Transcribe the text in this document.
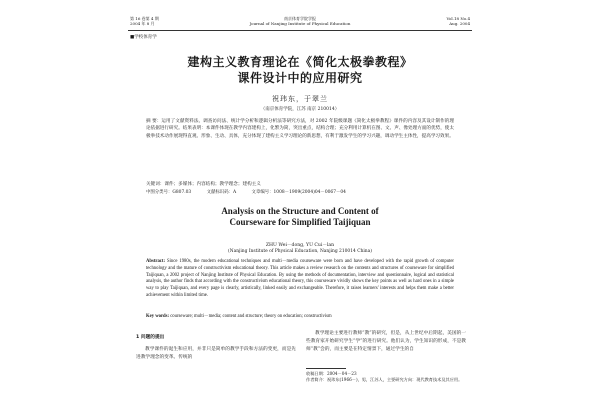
第 16 卷第 4 期
2004 年 8 月
南京体育学院学报
Journal of Nanjing Institute of Physical Education
Vol.18 No.4
Aug. 2004
■学校体育学
建构主义教育理论在《简化太极拳教程》
课件设计中的应用研究
祝玮东，于翠兰
（南京体育学院，江苏 南京 210014）
摘 要：运用了文献资料法、调查访问法、统计学分析和逻辑分析法等研究方法，对 2002 年院级课题《简化太极拳教程》课件的内容及其设计制作的理论依据进行研究。结果表明：本课件体现在教学内容建构上，化繁为简，突出重点，结构合理；充分利用计算机在图、文、声、像处理方面的优势，使太极拳技术动作展现得直观、形象、生动、具体，充分体现了建构主义学习理论的新思想，有利于激发学生的学习兴趣，调动学生主体性，提高学习效果。
关键词：课件；多媒体；内容结构；教学理念；建构主义
中图分类号：G807.03	文献标识码：A	文章编号：1008－1909(2004)04－0067－04
Analysis on the Structure and Content of
Courseware for Simplified Taijiquan
ZHU Wei－dong, YU Cui－lan
(Nanjing Institute of Physical Education, Nanjing 210014 China)
Abstract: Since 1980s, the modern educational techniques and multi－media courseware were born and have developed with the rapid growth of computer technology and the mature of constructivism educational theory. This article makes a review research on the contents and structures of courseware for simplified Taijiquan, a 2002 project of Nanjing Institute of Physical Education. By using the methods of documentation, interview and questionnaire, logical and statistical analysis, the author finds that according with the constructivism educational theory, this courseware vividly shows the key points as well as hard ones in a simple way to play Taijiquan, and every page is clearly, artistically, linked easily and exchangeable. Therefore, it raises learners' interests and helps them make a better achievement within limited time.
Key words: courseware; multi－media; content and structure; theory on education; constructivism
1 问题的提出
教学课件的诞生和应用，并非只是简单的教学手段和方法的变更，而是先进教学理念的变革。传统的
教学理论主要进行教师“教”的研究，但是，从上世纪中后期起，美国的一些教育家开始研究学生“学”的进行研究。他们认为，学生知识的形成，不是教师“教”会的，而主要是在特定情景下，通过学生的自
收稿日期：2004－04－23
作者简介：祝玮东(1966－)，男，江苏人，主要研究方向：现代教育技术及其应用。
